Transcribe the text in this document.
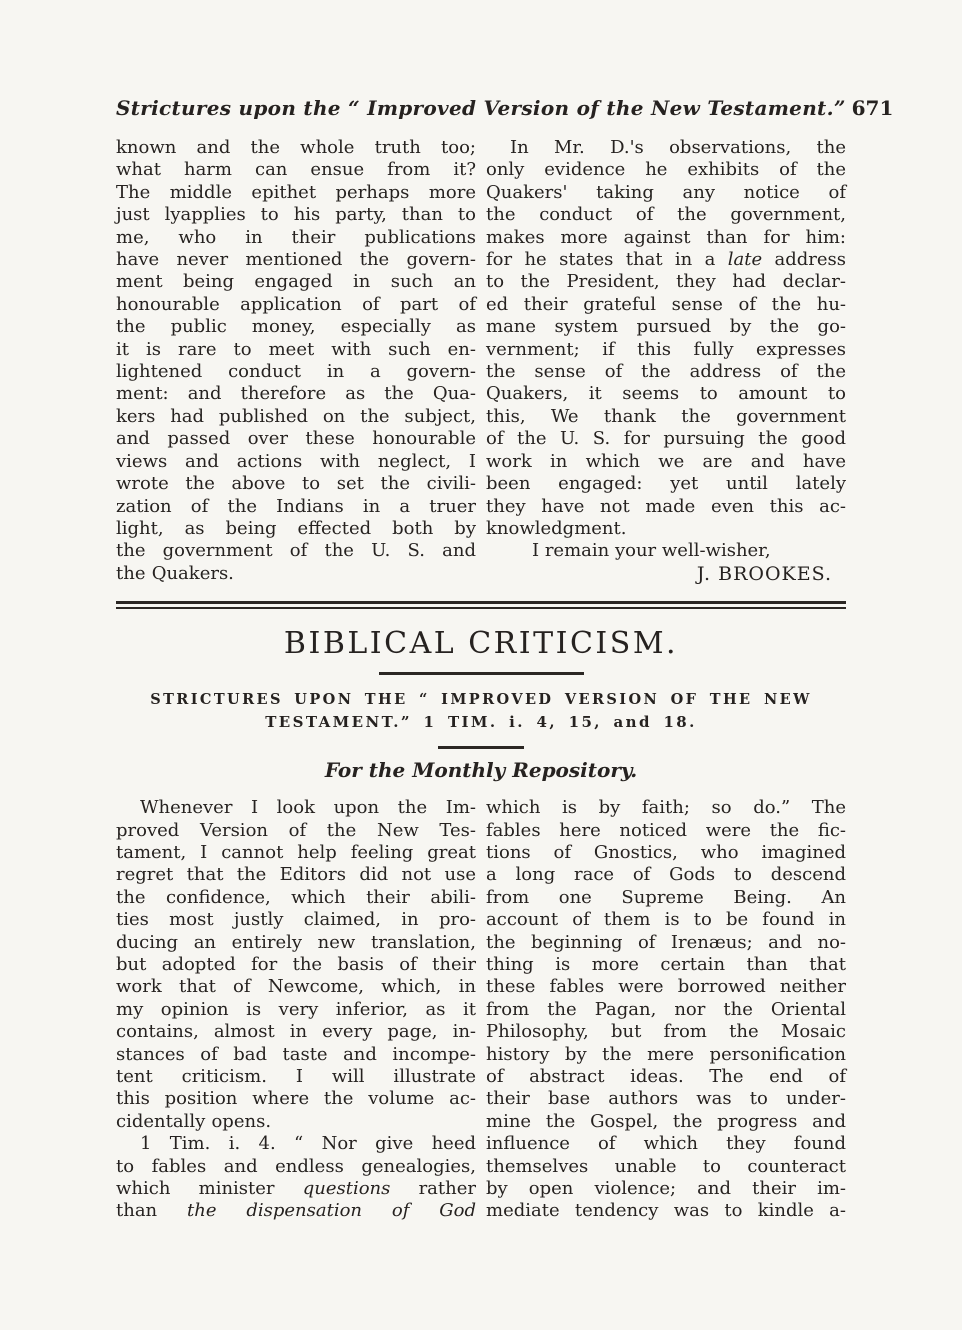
Strictures upon the “ Improved Version of the New Testament.” 671
known and the whole truth too;
what harm can ensue from it?
The middle epithet perhaps more
just lyapplies to his party, than to
me, who in their publications
have never mentioned the govern-
ment being engaged in such an
honourable application of part of
the public money, especially as
it is rare to meet with such en-
lightened conduct in a govern-
ment: and therefore as the Qua-
kers had published on the subject,
and passed over these honourable
views and actions with neglect, I
wrote the above to set the civili-
zation of the Indians in a truer
light, as being effected both by
the government of the U. S. and
the Quakers.
In Mr. D.'s observations, the
only evidence he exhibits of the
Quakers' taking any notice of
the conduct of the government,
makes more against than for him:
for he states that in a late address
to the President, they had declar-
ed their grateful sense of the hu-
mane system pursued by the go-
vernment; if this fully expresses
the sense of the address of the
Quakers, it seems to amount to
this, We thank the government
of the U. S. for pursuing the good
work in which we are and have
been engaged: yet until lately
they have not made even this ac-
knowledgment.
I remain your well-wisher,
J. BROOKES.
BIBLICAL CRITICISM.
STRICTURES UPON THE “ IMPROVED VERSION OF THE NEW
TESTAMENT.” 1 TIM. i. 4, 15, and 18.
For the Monthly Repository.
Whenever I look upon the Im-
proved Version of the New Tes-
tament, I cannot help feeling great
regret that the Editors did not use
the confidence, which their abili-
ties most justly claimed, in pro-
ducing an entirely new translation,
but adopted for the basis of their
work that of Newcome, which, in
my opinion is very inferior, as it
contains, almost in every page, in-
stances of bad taste and incompe-
tent criticism. I will illustrate
this position where the volume ac-
cidentally opens.
1 Tim. i. 4. “ Nor give heed
to fables and endless genealogies,
which minister questions rather
than the dispensation of God
which is by faith; so do.” The
fables here noticed were the fic-
tions of Gnostics, who imagined
a long race of Gods to descend
from one Supreme Being. An
account of them is to be found in
the beginning of Irenæus; and no-
thing is more certain than that
these fables were borrowed neither
from the Pagan, nor the Oriental
Philosophy, but from the Mosaic
history by the mere personification
of abstract ideas. The end of
their base authors was to under-
mine the Gospel, the progress and
influence of which they found
themselves unable to counteract
by open violence; and their im-
mediate tendency was to kindle a-
